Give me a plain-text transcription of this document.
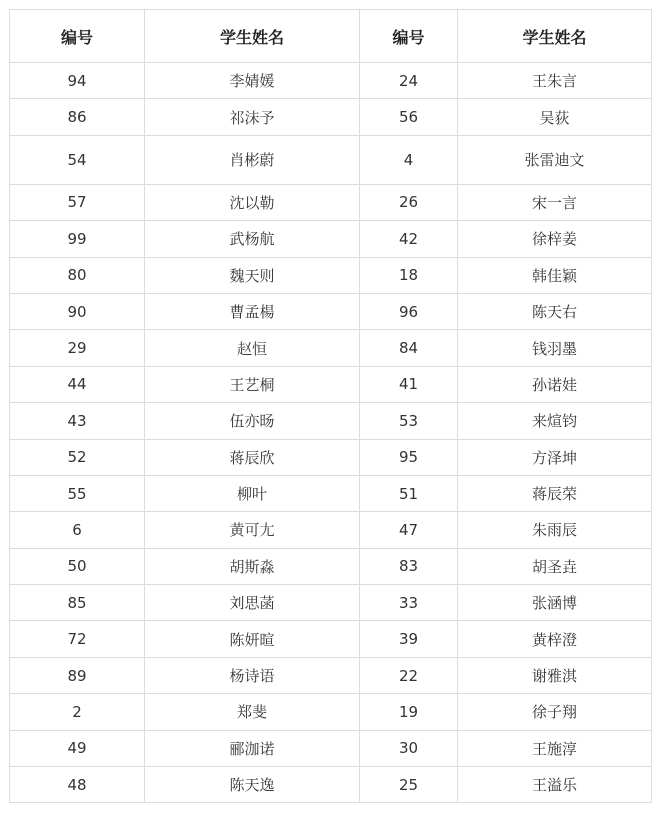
编号	学生姓名	编号	学生姓名
94	李婧媛	24	王朱言
86	祁沫予	56	吴荻
54	肖彬蔚	4	张雷迪文
57	沈以勒	26	宋一言
99	武杨航	42	徐梓姜
80	魏天则	18	韩佳颖
90	曹孟楊	96	陈天右
29	赵恒	84	钱羽墨
44	王艺桐	41	孙诺娃
43	伍亦旸	53	来煊钧
52	蒋辰欣	95	方泽坤
55	柳叶	51	蒋辰荣
6	黄可尢	47	朱雨辰
50	胡斯淼	83	胡圣垚
85	刘思菡	33	张涵博
72	陈妍暄	39	黄梓澄
89	杨诗语	22	谢雅淇
2	郑斐	19	徐子翔
49	郦泇诺	30	王施淳
48	陈天逸	25	王溢乐
